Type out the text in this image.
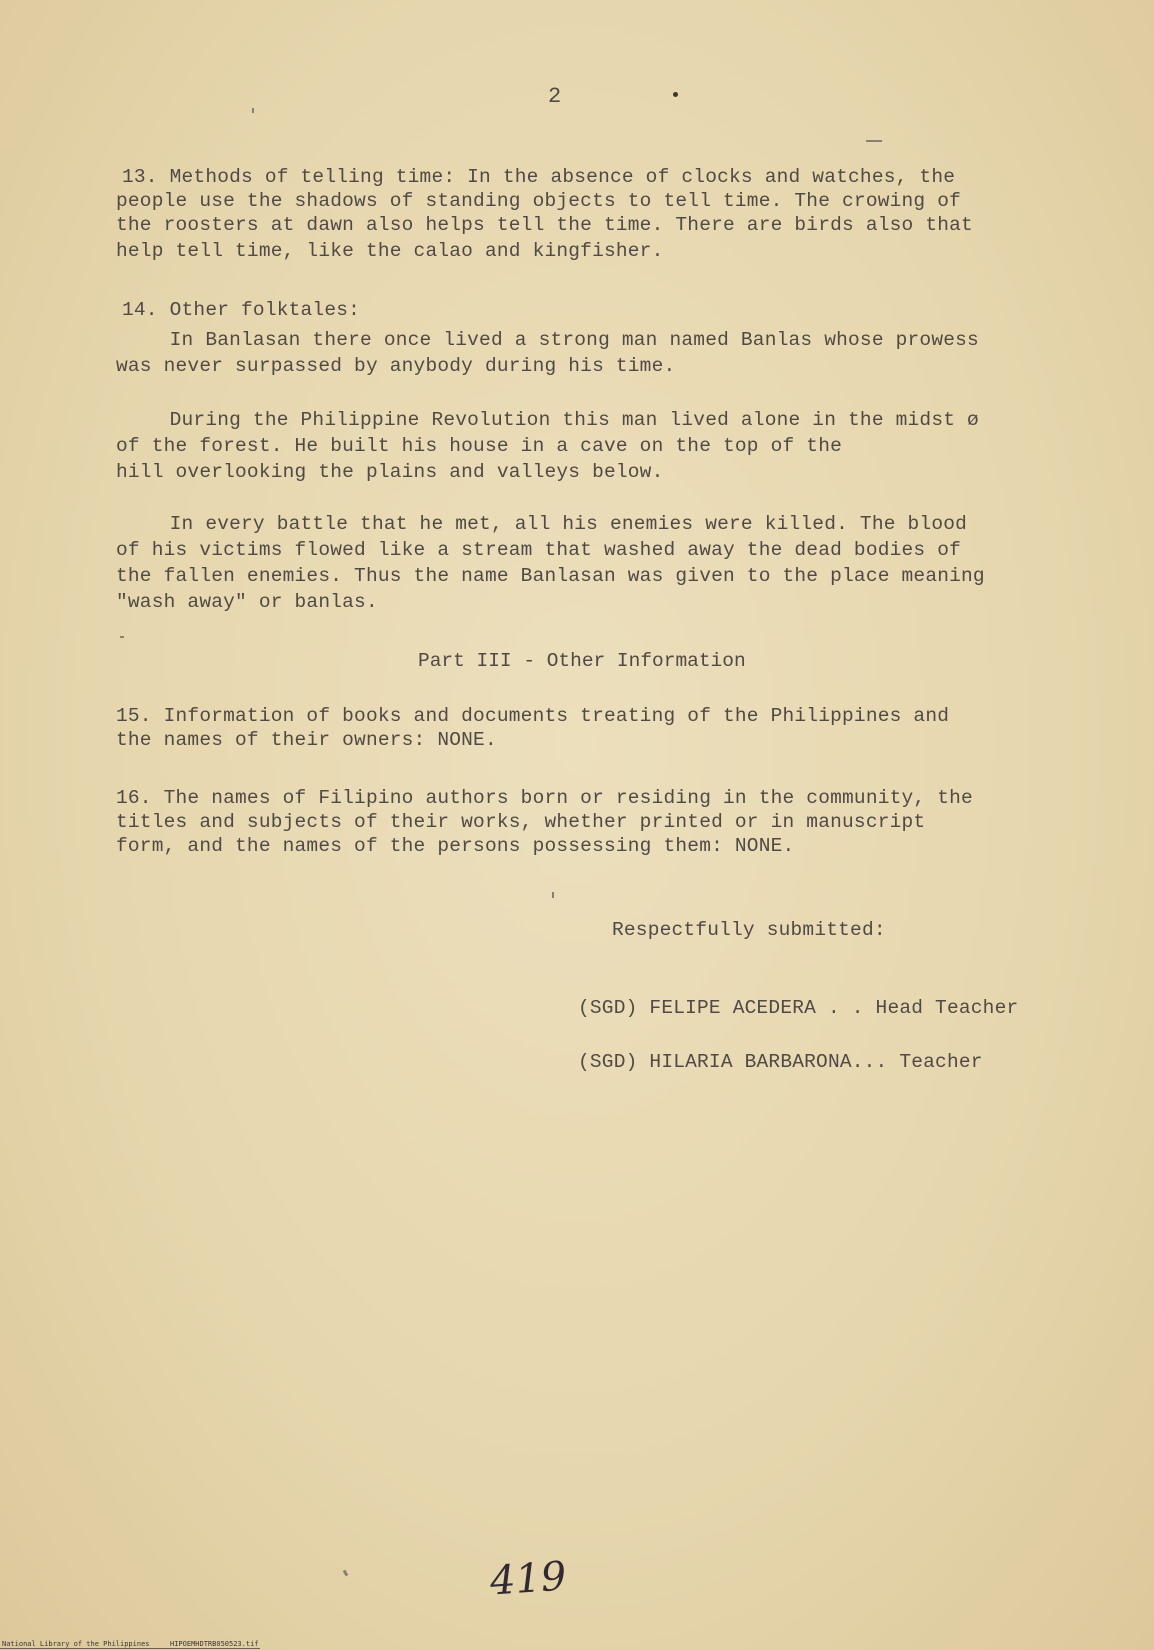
2
13. Methods of telling time: In the absence of clocks and watches, the
people use the shadows of standing objects to tell time. The crowing of
the roosters at dawn also helps tell the time. There are birds also that
help tell time, like the calao and kingfisher.
14. Other folktales:
In Banlasan there once lived a strong man named Banlas whose prowess
was never surpassed by anybody during his time.
During the Philippine Revolution this man lived alone in the midst ø
of the forest. He built his house in a cave on the top of the
hill overlooking the plains and valleys below.
In every battle that he met, all his enemies were killed. The blood
of his victims flowed like a stream that washed away the dead bodies of
the fallen enemies. Thus the name Banlasan was given to the place meaning
"wash away" or banlas.
Part III - Other Information
15. Information of books and documents treating of the Philippines and
the names of their owners: NONE.
16. The names of Filipino authors born or residing in the community, the
titles and subjects of their works, whether printed or in manuscript
form, and the names of the persons possessing them: NONE.
Respectfully submitted:
(SGD) FELIPE ACEDERA . . Head Teacher
(SGD) HILARIA BARBARONA... Teacher
419
National Library of the Philippines	HIPOEMHDTRB050523.tif
